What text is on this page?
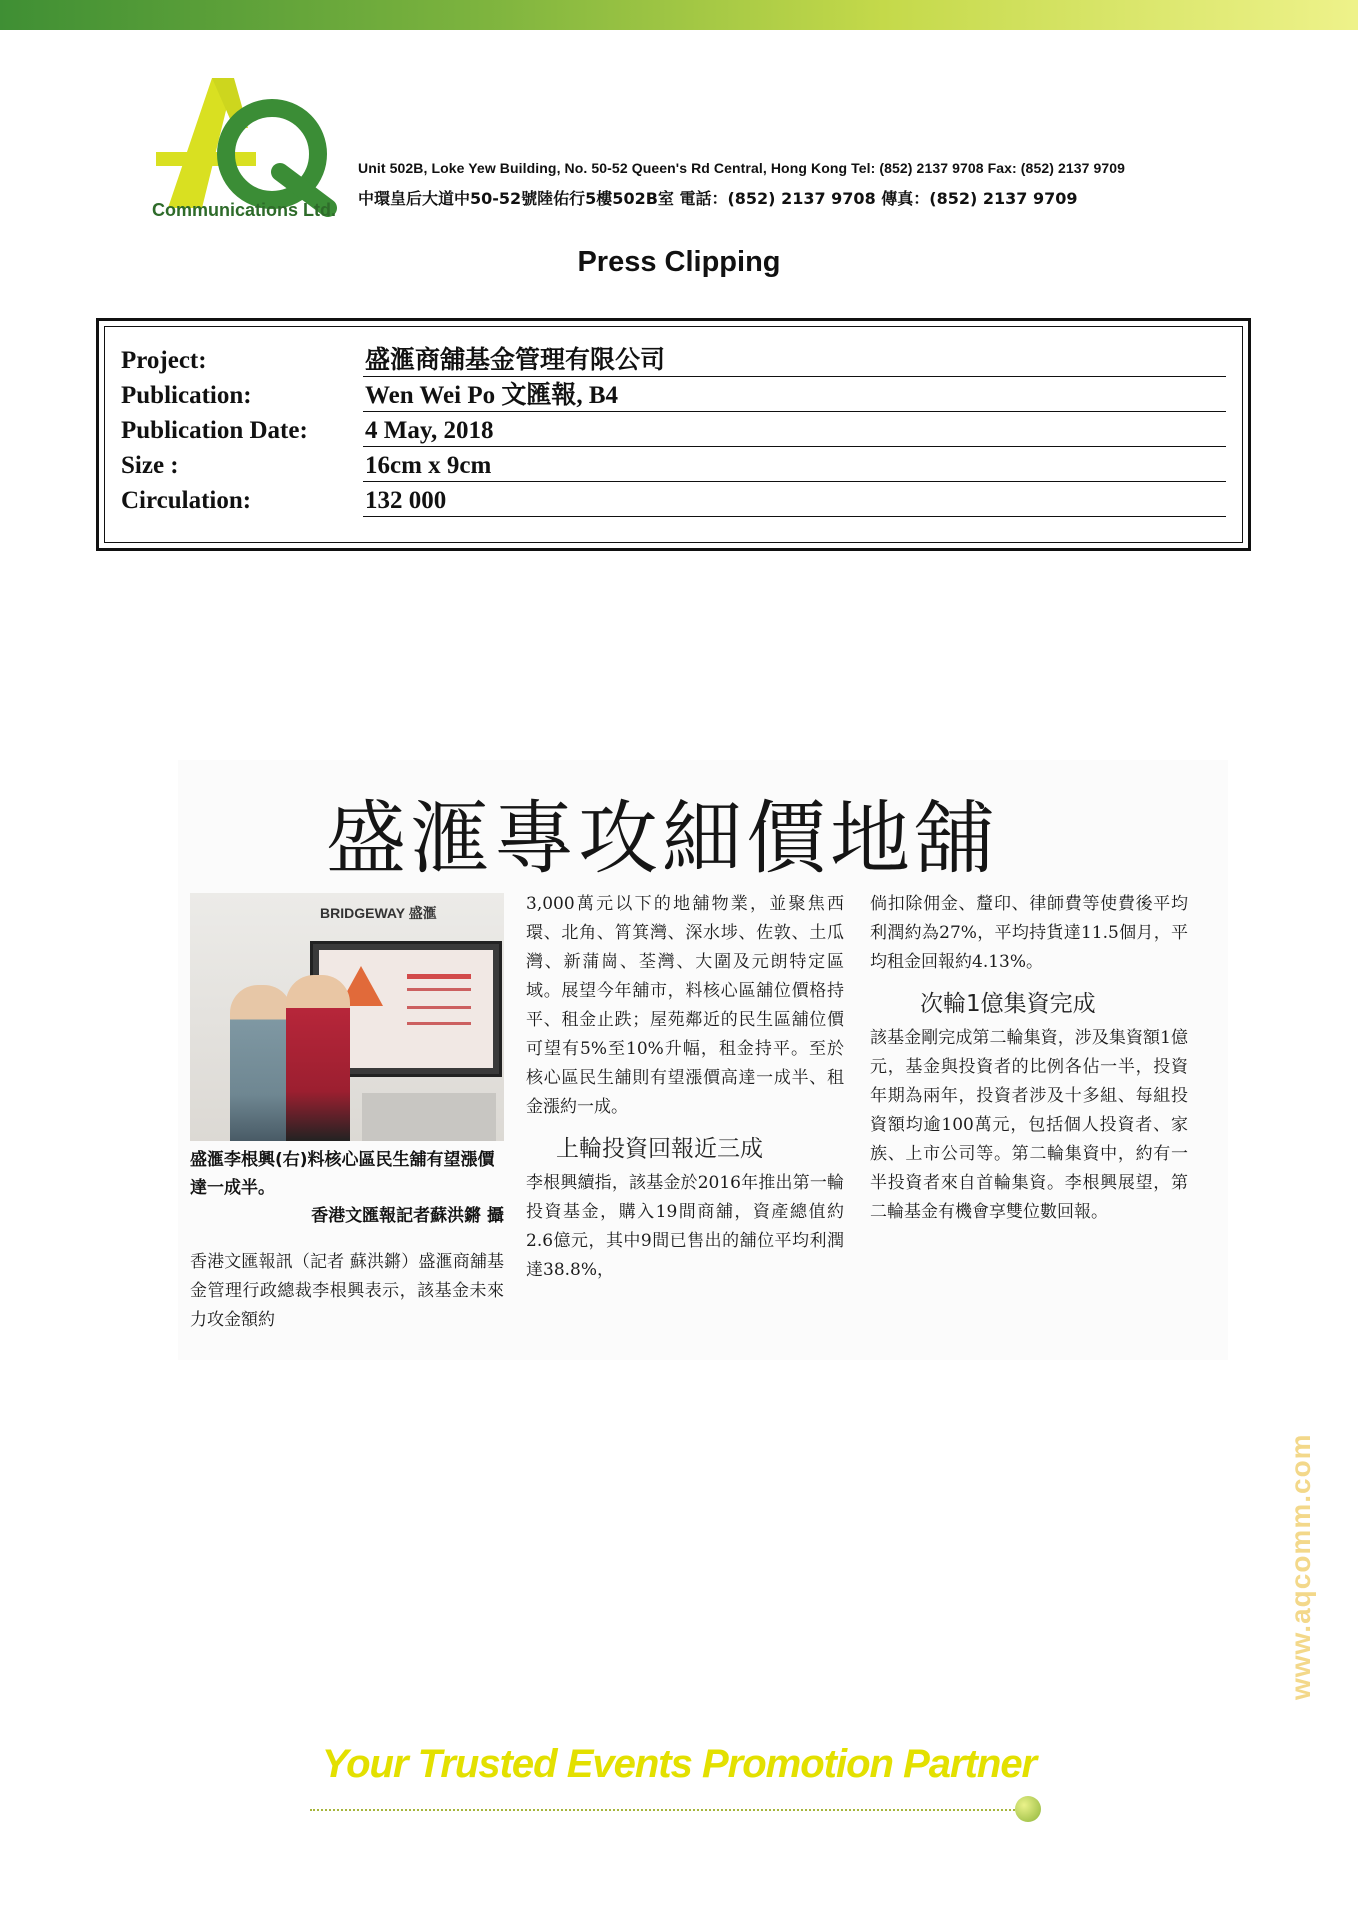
Communications Ltd.
Unit 502B, Loke Yew Building, No. 50-52 Queen's Rd Central, Hong Kong Tel: (852) 2137 9708 Fax: (852) 2137 9709
中環皇后大道中50-52號陸佑行5樓502B室 電話：(852) 2137 9708 傳真：(852) 2137 9709
Press Clipping
Project:	盛滙商舖基金管理有限公司
Publication:	Wen Wei Po 文匯報, B4
Publication Date: 4 May, 2018
Size :	16cm x 9cm
Circulation:	132 000
盛滙專攻細價地舖
BRIDGEWAY 盛滙
盛滙李根興(右)料核心區民生舖有望漲價達一成半。
香港文匯報記者蘇洪鏘 攝
香港文匯報訊（記者 蘇洪鏘）盛滙商舖基金管理行政總裁李根興表示，該基金未來力攻金額約
3,000萬元以下的地舖物業，並聚焦西環、北角、筲箕灣、深水埗、佐敦、土瓜灣、新蒲崗、荃灣、大圍及元朗特定區域。展望今年舖市，料核心區舖位價格持平、租金止跌；屋苑鄰近的民生區舖位價可望有5%至10%升幅，租金持平。至於核心區民生舖則有望漲價高達一成半、租金漲約一成。
上輪投資回報近三成
李根興續指，該基金於2016年推出第一輪投資基金，購入19間商舖，資產總值約2.6億元，其中9間已售出的舖位平均利潤達38.8%，
倘扣除佣金、釐印、律師費等使費後平均利潤約為27%，平均持貨達11.5個月，平均租金回報約4.13%。
次輪1億集資完成
該基金剛完成第二輪集資，涉及集資額1億元，基金與投資者的比例各佔一半，投資年期為兩年，投資者涉及十多組、每組投資額均逾100萬元，包括個人投資者、家族、上市公司等。第二輪集資中，約有一半投資者來自首輪集資。李根興展望，第二輪基金有機會享雙位數回報。
Your Trusted Events Promotion Partner
www.aqcomm.com
